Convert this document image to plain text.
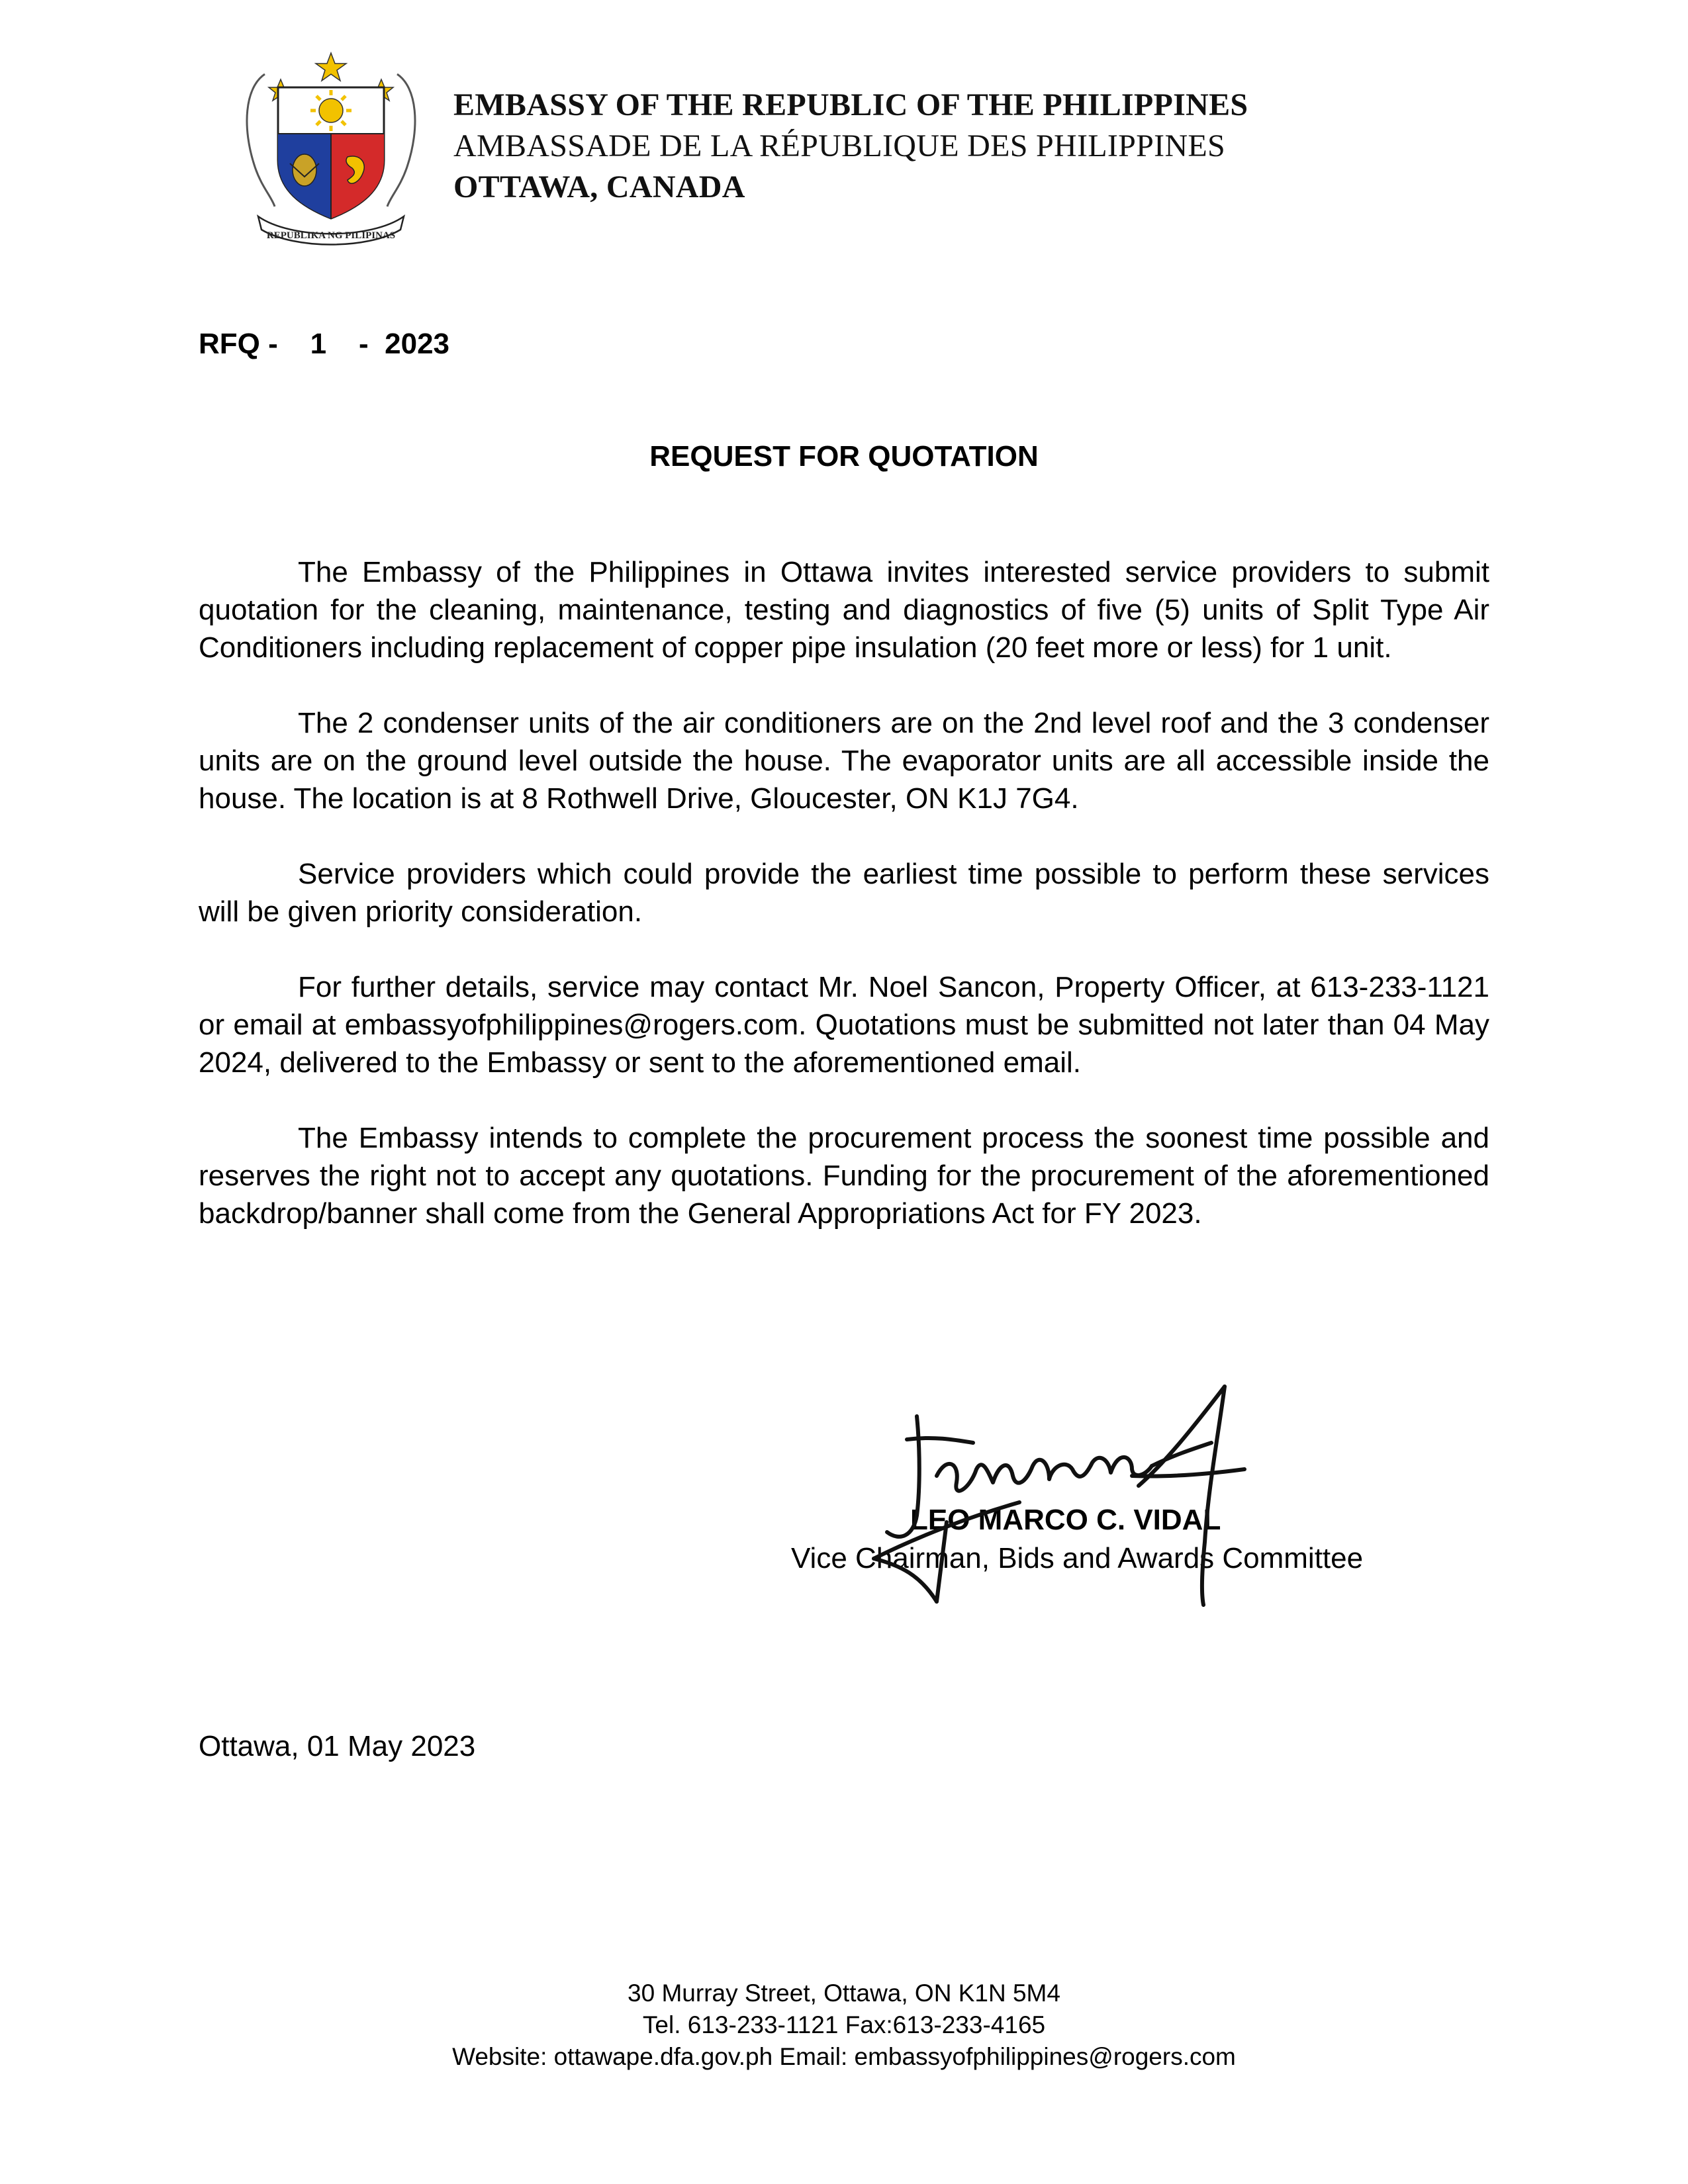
REPUBLIKA NG PILIPINAS
EMBASSY OF THE REPUBLIC OF THE PHILIPPINES
AMBASSADE DE LA RÉPUBLIQUE DES PHILIPPINES
OTTAWA, CANADA
RFQ -    1    -  2023
REQUEST FOR QUOTATION

The Embassy of the Philippines in Ottawa invites interested service providers to submit quotation for the cleaning, maintenance, testing and diagnostics of five (5) units of Split Type Air Conditioners including replacement of copper pipe insulation (20 feet more or less) for 1 unit.

The 2 condenser units of the air conditioners are on the 2nd level roof and the 3 condenser units are on the ground level outside the house. The evaporator units are all accessible inside the house. The location is at 8 Rothwell Drive, Gloucester, ON K1J 7G4.

Service providers which could provide the earliest time possible to perform these services will be given priority consideration.

For further details, service may contact Mr. Noel Sancon, Property Officer, at 613-233-1121 or email at embassyofphilippines@rogers.com. Quotations must be submitted not later than 04 May 2024, delivered to the Embassy or sent to the aforementioned email.

The Embassy intends to complete the procurement process the soonest time possible and reserves the right not to accept any quotations. Funding for the procurement of the aforementioned backdrop/banner shall come from the General Appropriations Act for FY 2023.

LEO MARCO C. VIDAL
Vice Chairman, Bids and Awards Committee
Ottawa, 01 May 2023
30 Murray Street, Ottawa, ON K1N 5M4
Tel. 613-233-1121 Fax:613-233-4165
Website: ottawape.dfa.gov.ph Email: embassyofphilippines@rogers.com
